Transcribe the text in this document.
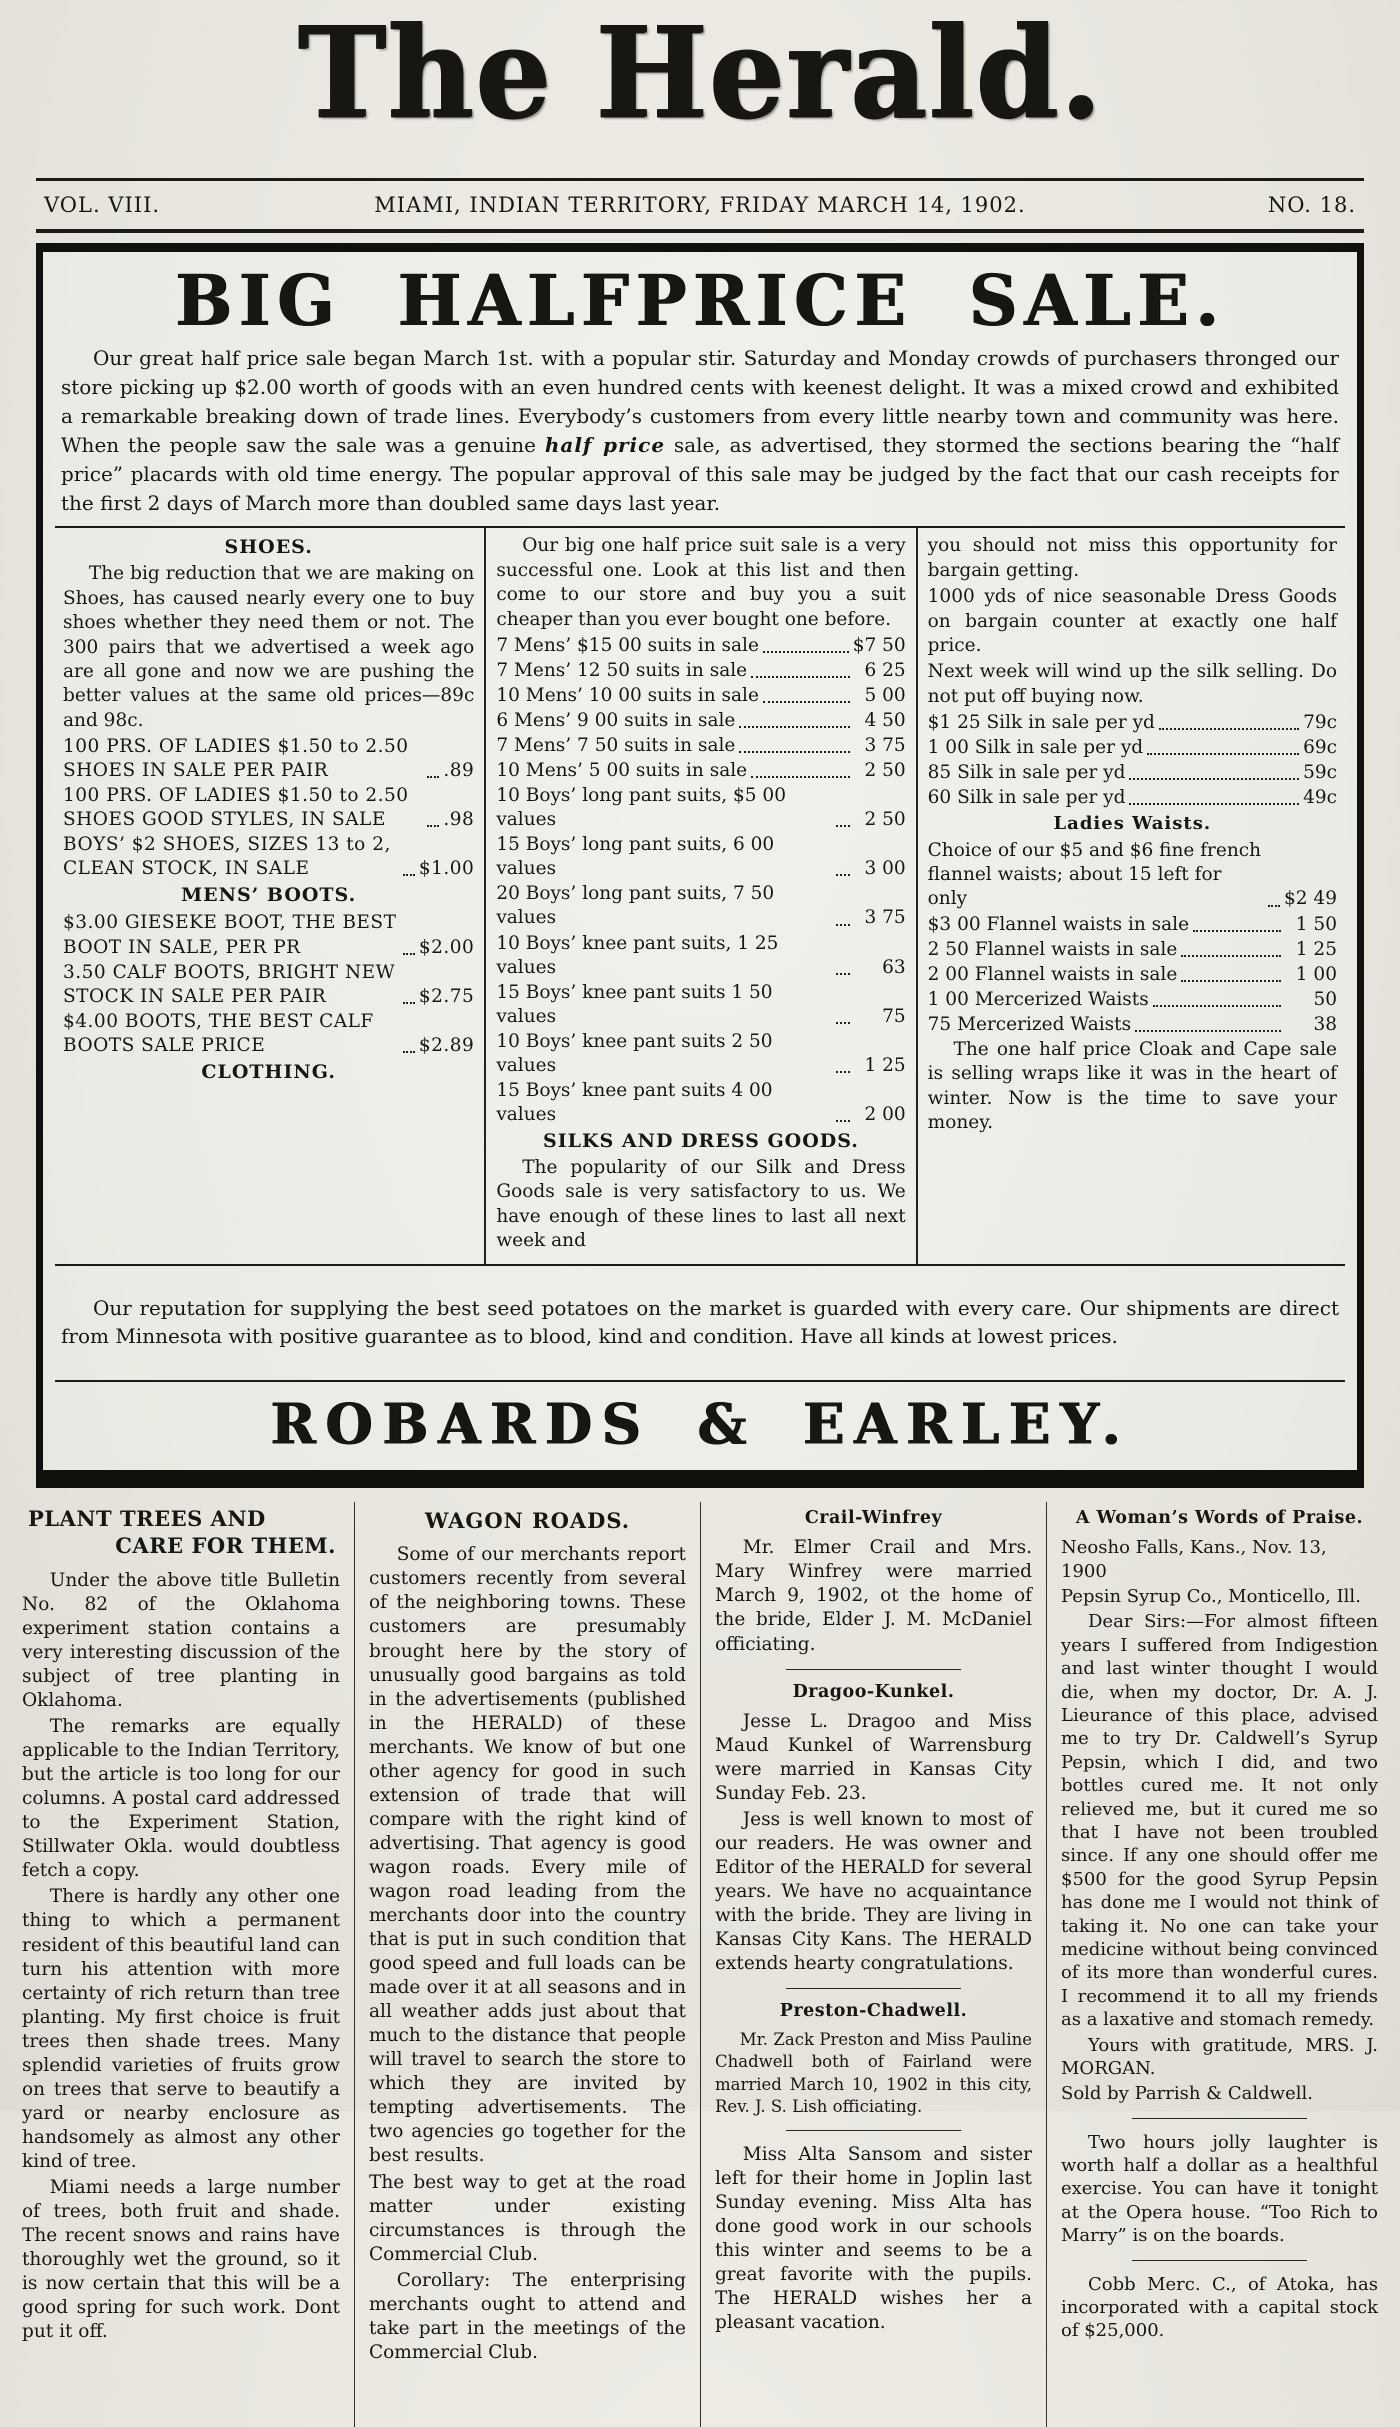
The Herald.
VOL. VIII.	MIAMI, INDIAN TERRITORY, FRIDAY MARCH 14, 1902.	NO. 18.
BIG HALFPRICE SALE.
Our great half price sale began March 1st. with a popular stir. Saturday and Monday crowds of purchasers thronged our store picking up $2.00 worth of goods with an even hundred cents with keenest delight. It was a mixed crowd and exhibited a remarkable breaking down of trade lines. Everybody’s customers from every little nearby town and community was here. When the people saw the sale was a genuine half price sale, as advertised, they stormed the sections bearing the “half price” placards with old time energy. The popular approval of this sale may be judged by the fact that our cash receipts for the first 2 days of March more than doubled same days last year.
SHOES.

The big reduction that we are making on Shoes, has caused nearly every one to buy shoes whether they need them or not. The 300 pairs that we advertised a week ago are all gone and now we are pushing the better values at the same old prices—89c and 98c.

100 PRS. OF LADIES $1.50 to 2.50 SHOES IN SALE PER PAIR	.89
100 PRS. OF LADIES $1.50 to 2.50 SHOES GOOD STYLES, IN SALE	.98
BOYS’ $2 SHOES, SIZES 13 to 2, CLEAN STOCK, IN SALE	$1.00
MENS’ BOOTS.
$3.00 GIESEKE BOOT, THE BEST BOOT IN SALE, PER PR	$2.00
3.50 CALF BOOTS, BRIGHT NEW STOCK IN SALE PER PAIR	$2.75
$4.00 BOOTS, THE BEST CALF BOOTS SALE PRICE	$2.89
CLOTHING.

Our big one half price suit sale is a very successful one. Look at this list and then come to our store and buy you a suit cheaper than you ever bought one before.

7 Mens’ $15 00 suits in sale	$7 50
7 Mens’ 12 50 suits in sale	6 25
10 Mens’ 10 00 suits in sale	5 00
6 Mens’ 9 00 suits in sale	4 50
7 Mens’ 7 50 suits in sale	3 75
10 Mens’ 5 00 suits in sale	2 50
10 Boys’ long pant suits, $5 00 values	2 50
15 Boys’ long pant suits, 6 00 values	3 00
20 Boys’ long pant suits, 7 50 values	3 75
10 Boys’ knee pant suits, 1 25 values	63
15 Boys’ knee pant suits 1 50 values	75
10 Boys’ knee pant suits 2 50 values	1 25
15 Boys’ knee pant suits 4 00 values	2 00
SILKS AND DRESS GOODS.

The popularity of our Silk and Dress Goods sale is very satisfactory to us. We have enough of these lines to last all next week and

you should not miss this opportunity for bargain getting.

1000 yds of nice seasonable Dress Goods on bargain counter at exactly one half price.

Next week will wind up the silk selling. Do not put off buying now.

$1 25 Silk in sale per yd	79c
1 00 Silk in sale per yd	69c
85 Silk in sale per yd	59c
60 Silk in sale per yd	49c
Ladies Waists.
Choice of our $5 and $6 fine french flannel waists; about 15 left for only	$2 49
$3 00 Flannel waists in sale	1 50
2 50 Flannel waists in sale	1 25
2 00 Flannel waists in sale	1 00
1 00 Mercerized Waists	50
75 Mercerized Waists	38

The one half price Cloak and Cape sale is selling wraps like it was in the heart of winter. Now is the time to save your money.

Our reputation for supplying the best seed potatoes on the market is guarded with every care. Our shipments are direct from Minnesota with positive guarantee as to blood, kind and condition. Have all kinds at lowest prices.

ROBARDS & EARLEY.
PLANT TREES AND
CARE FOR THEM.

Under the above title Bulletin No. 82 of the Oklahoma experiment station contains a very interesting discussion of the subject of tree planting in Oklahoma.

The remarks are equally applicable to the Indian Territory, but the article is too long for our columns. A postal card addressed to the Experiment Station, Stillwater Okla. would doubtless fetch a copy.

There is hardly any other one thing to which a permanent resident of this beautiful land can turn his attention with more certainty of rich return than tree planting. My first choice is fruit trees then shade trees. Many splendid varieties of fruits grow on trees that serve to beautify a yard or nearby enclosure as handsomely as almost any other kind of tree.

Miami needs a large number of trees, both fruit and shade. The recent snows and rains have thoroughly wet the ground, so it is now certain that this will be a good spring for such work. Dont put it off.

WAGON ROADS.

Some of our merchants report customers recently from several of the neighboring towns. These customers are presumably brought here by the story of unusually good bargains as told in the advertisements (published in the HERALD) of these merchants. We know of but one other agency for good in such extension of trade that will compare with the right kind of advertising. That agency is good wagon roads. Every mile of wagon road leading from the merchants door into the country that is put in such condition that good speed and full loads can be made over it at all seasons and in all weather adds just about that much to the distance that people will travel to search the store to which they are invited by tempting advertisements. The two agencies go together for the best results.

The best way to get at the road matter under existing circumstances is through the Commercial Club.

Corollary: The enterprising merchants ought to attend and take part in the meetings of the Commercial Club.

Crail-Winfrey

Mr. Elmer Crail and Mrs. Mary Winfrey were married March 9, 1902, ot the home of the bride, Elder J. M. McDaniel officiating.

Dragoo-Kunkel.

Jesse L. Dragoo and Miss Maud Kunkel of Warrensburg were married in Kansas City Sunday Feb. 23.

Jess is well known to most of our readers. He was owner and Editor of the HERALD for several years. We have no acquaintance with the bride. They are living in Kansas City Kans. The HERALD extends hearty congratulations.

Preston-Chadwell.

Mr. Zack Preston and Miss Pauline Chadwell both of Fairland were married March 10, 1902 in this city, Rev. J. S. Lish officiating.

Miss Alta Sansom and sister left for their home in Joplin last Sunday evening. Miss Alta has done good work in our schools this winter and seems to be a great favorite with the pupils. The HERALD wishes her a pleasant vacation.

A Woman’s Words of Praise.

Neosho Falls, Kans., Nov. 13, 1900

Pepsin Syrup Co., Monticello, Ill.

Dear Sirs:—For almost fifteen years I suffered from Indigestion and last winter thought I would die, when my doctor, Dr. A. J. Lieurance of this place, advised me to try Dr. Caldwell’s Syrup Pepsin, which I did, and two bottles cured me. It not only relieved me, but it cured me so that I have not been troubled since. If any one should offer me $500 for the good Syrup Pepsin has done me I would not think of taking it. No one can take your medicine without being convinced of its more than wonderful cures. I recommend it to all my friends as a laxative and stomach remedy.

Yours with gratitude, MRS. J. MORGAN.

Sold by Parrish & Caldwell.

Two hours jolly laughter is worth half a dollar as a healthful exercise. You can have it tonight at the Opera house. “Too Rich to Marry” is on the boards.

Cobb Merc. C., of Atoka, has incorporated with a capital stock of $25,000.
